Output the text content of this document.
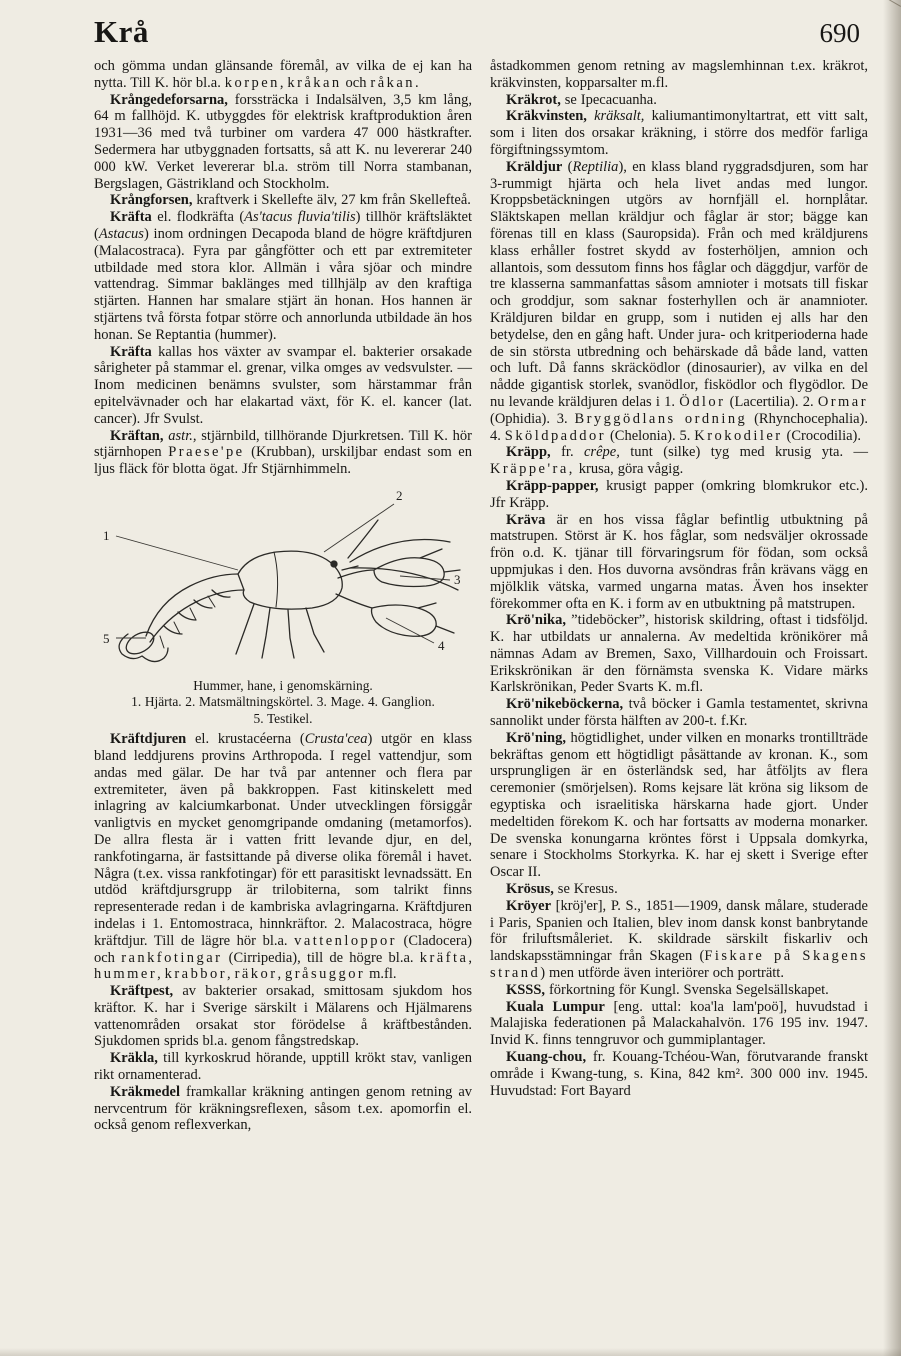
Krå	690

och gömma undan glänsande föremål, av vilka de ej kan ha nytta. Till K. hör bl.a. korpen, kråkan och råkan.

Krångedeforsarna, forssträcka i Indalsälven, 3,5 km lång, 64 m fallhöjd. K. utbyggdes för elektrisk kraftproduktion åren 1931—36 med två turbiner om vardera 47 000 hästkrafter. Sedermera har utbyggnaden fortsatts, så att K. nu levererar 240 000 kW. Verket levererar bl.a. ström till Norra stambanan, Bergslagen, Gästrikland och Stockholm.

Krångforsen, kraftverk i Skellefte älv, 27 km från Skellefteå.

Kräfta el. flodkräfta (As'tacus fluvia'tilis) tillhör kräftsläktet (Astacus) inom ordningen Decapoda bland de högre kräftdjuren (Malacostraca). Fyra par gångfötter och ett par extremiteter utbildade med stora klor. Allmän i våra sjöar och mindre vattendrag. Simmar baklänges med tillhjälp av den kraftiga stjärten. Hannen har smalare stjärt än honan. Hos hannen är stjärtens två första fotpar större och annorlunda utbildade än hos honan. Se Reptantia (hummer).

Kräfta kallas hos växter av svampar el. bakterier orsakade sårigheter på stammar el. grenar, vilka omges av vedsvulster. — Inom medicinen benämns svulster, som härstammar från epitelvävnader och har elakartad växt, för K. el. kancer (lat. cancer). Jfr Svulst.

Kräftan, astr., stjärnbild, tillhörande Djurkretsen. Till K. hör stjärnhopen Praese'pe (Krubban), urskiljbar endast som en ljus fläck för blotta ögat. Jfr Stjärnhimmeln.

1
2
3
4
5
Hummer, hane, i genomskärning.
1. Hjärta. 2. Matsmältningskörtel. 3. Mage. 4. Ganglion.
5. Testikel.

Kräftdjuren el. krustacéerna (Crusta'cea) utgör en klass bland leddjurens provins Arthropoda. I regel vattendjur, som andas med gälar. De har två par antenner och flera par extremiteter, även på bakkroppen. Fast kitinskelett med inlagring av kalciumkarbonat. Under utvecklingen försiggår vanligtvis en mycket genomgripande omdaning (metamorfos). De allra flesta är i vatten fritt levande djur, en del, rankfotingarna, är fastsittande på diverse olika föremål i havet. Några (t.ex. vissa rankfotingar) för ett parasitiskt levnadssätt. En utdöd kräftdjursgrupp är trilobiterna, som talrikt finns representerade redan i de kambriska avlagringarna. Kräftdjuren indelas i 1. Entomostraca, hinnkräftor. 2. Malacostraca, högre kräftdjur. Till de lägre hör bl.a. vattenloppor (Cladocera) och rankfotingar (Cirripedia), till de högre bl.a. kräfta, hummer, krabbor, räkor, gråsuggor m.fl.

Kräftpest, av bakterier orsakad, smittosam sjukdom hos kräftor. K. har i Sverige särskilt i Mälarens och Hjälmarens vattenområden orsakat stor förödelse å kräftbestånden. Sjukdomen sprids bl.a. genom fångstredskap.

Kräkla, till kyrkoskrud hörande, upptill krökt stav, vanligen rikt ornamenterad.

Kräkmedel framkallar kräkning antingen genom retning av nervcentrum för kräkningsreflexen, såsom t.ex. apomorfin el. också genom reflexverkan,

åstadkommen genom retning av magslemhinnan t.ex. kräkrot, kräkvinsten, kopparsalter m.fl.

Kräkrot, se Ipecacuanha.

Kräkvinsten, kräksalt, kaliumantimonyltartrat, ett vitt salt, som i liten dos orsakar kräkning, i större dos medför farliga förgiftningssymtom.

Kräldjur (Reptilia), en klass bland ryggradsdjuren, som har 3-rummigt hjärta och hela livet andas med lungor. Kroppsbetäckningen utgörs av hornfjäll el. hornplåtar. Släktskapen mellan kräldjur och fåglar är stor; bägge kan förenas till en klass (Sauropsida). Från och med kräldjurens klass erhåller fostret skydd av fosterhöljen, amnion och allantois, som dessutom finns hos fåglar och däggdjur, varför de tre klasserna sammanfattas såsom amnioter i motsats till fiskar och groddjur, som saknar fosterhyllen och är anamnioter. Kräldjuren bildar en grupp, som i nutiden ej alls har den betydelse, den en gång haft. Under jura- och kritperioderna hade de sin största utbredning och behärskade då både land, vatten och luft. Då fanns skräcködlor (dinosaurier), av vilka en del nådde gigantisk storlek, svanödlor, fisködlor och flygödlor. De nu levande kräldjuren delas i 1. Ödlor (Lacertilia). 2. Ormar (Ophidia). 3. Bryggödlans ordning (Rhynchocephalia). 4. Sköldpaddor (Chelonia). 5. Krokodiler (Crocodilia).

Kräpp, fr. crêpe, tunt (silke) tyg med krusig yta. — Kräppe'ra, krusa, göra vågig.

Kräpp-papper, krusigt papper (omkring blomkrukor etc.). Jfr Kräpp.

Kräva är en hos vissa fåglar befintlig utbuktning på matstrupen. Störst är K. hos fåglar, som nedsväljer okrossade frön o.d. K. tjänar till förvaringsrum för födan, som också uppmjukas i den. Hos duvorna avsöndras från krävans vägg en mjölklik vätska, varmed ungarna matas. Även hos insekter förekommer ofta en K. i form av en utbuktning på matstrupen.

Krö'nika, ”tideböcker”, historisk skildring, oftast i tidsföljd. K. har utbildats ur annalerna. Av medeltida krönikörer må nämnas Adam av Bremen, Saxo, Villhardouin och Froissart. Erikskrönikan är den förnämsta svenska K. Vidare märks Karlskrönikan, Peder Svarts K. m.fl.

Krö'nikeböckerna, två böcker i Gamla testamentet, skrivna sannolikt under första hälften av 200-t. f.Kr.

Krö'ning, högtidlighet, under vilken en monarks trontillträde bekräftas genom ett högtidligt påsättande av kronan. K., som ursprungligen är en österländsk sed, har åtföljts av flera ceremonier (smörjelsen). Roms kejsare lät kröna sig liksom de egyptiska och israelitiska härskarna hade gjort. Under medeltiden förekom K. och har fortsatts av moderna monarker. De svenska konungarna kröntes först i Uppsala domkyrka, senare i Stockholms Storkyrka. K. har ej skett i Sverige efter Oscar II.

Krösus, se Kresus.

Kröyer [kröj'er], P. S., 1851—1909, dansk målare, studerade i Paris, Spanien och Italien, blev inom dansk konst banbrytande för friluftsmåleriet. K. skildrade särskilt fiskarliv och landskapsstämningar från Skagen (Fiskare på Skagens strand) men utförde även interiörer och porträtt.

KSSS, förkortning för Kungl. Svenska Segelsällskapet.

Kuala Lumpur [eng. uttal: koa'la lam'poö], huvudstad i Malajiska federationen på Malackahalvön. 176 195 inv. 1947. Invid K. finns tenngruvor och gummiplantager.

Kuang-chou, fr. Kouang-Tchéou-Wan, förutvarande franskt område i Kwang-tung, s. Kina, 842 km². 300 000 inv. 1945. Huvudstad: Fort Bayard
